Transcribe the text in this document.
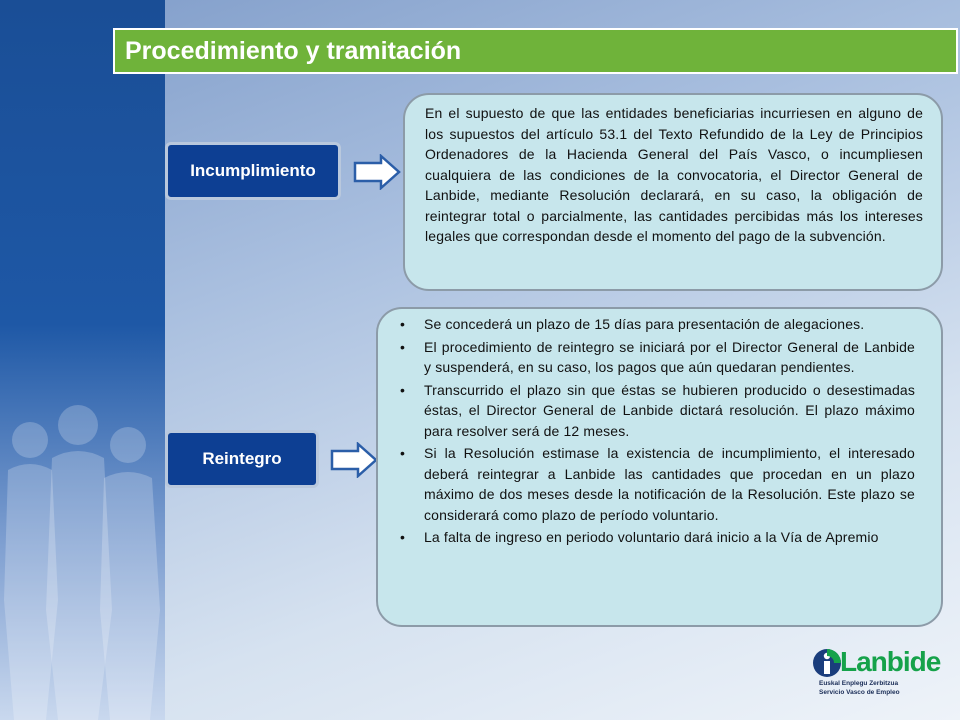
Procedimiento y tramitación
Incumplimiento

En el supuesto de que las entidades beneficiarias incurriesen en alguno de los supuestos del artículo 53.1 del Texto Refundido de la Ley de Principios Ordenadores de la Hacienda General del País Vasco, o incumpliesen cualquiera de las condiciones de la convocatoria, el Director General de Lanbide, mediante Resolución declarará, en su caso, la obligación de reintegrar total o parcialmente, las cantidades percibidas más los intereses legales que correspondan desde el momento del pago de la subvención.

Reintegro
• Se concederá un plazo de 15 días para presentación de alegaciones.
• El procedimiento de reintegro se iniciará por el Director General de Lanbide y suspenderá, en su caso, los pagos que aún quedaran pendientes.
• Transcurrido el plazo sin que éstas se hubieren producido o desestimadas éstas, el Director General de Lanbide dictará resolución. El plazo máximo para resolver será de 12 meses.
• Si la Resolución estimase la existencia de incumplimiento, el interesado deberá reintegrar a Lanbide las cantidades que procedan en un plazo máximo de dos meses desde la notificación de la Resolución. Este plazo se considerará como plazo de período voluntario.
• La falta de ingreso en periodo voluntario dará inicio a la Vía de Apremio
Lanbide
Euskal Enplegu Zerbitzua
Servicio Vasco de Empleo
